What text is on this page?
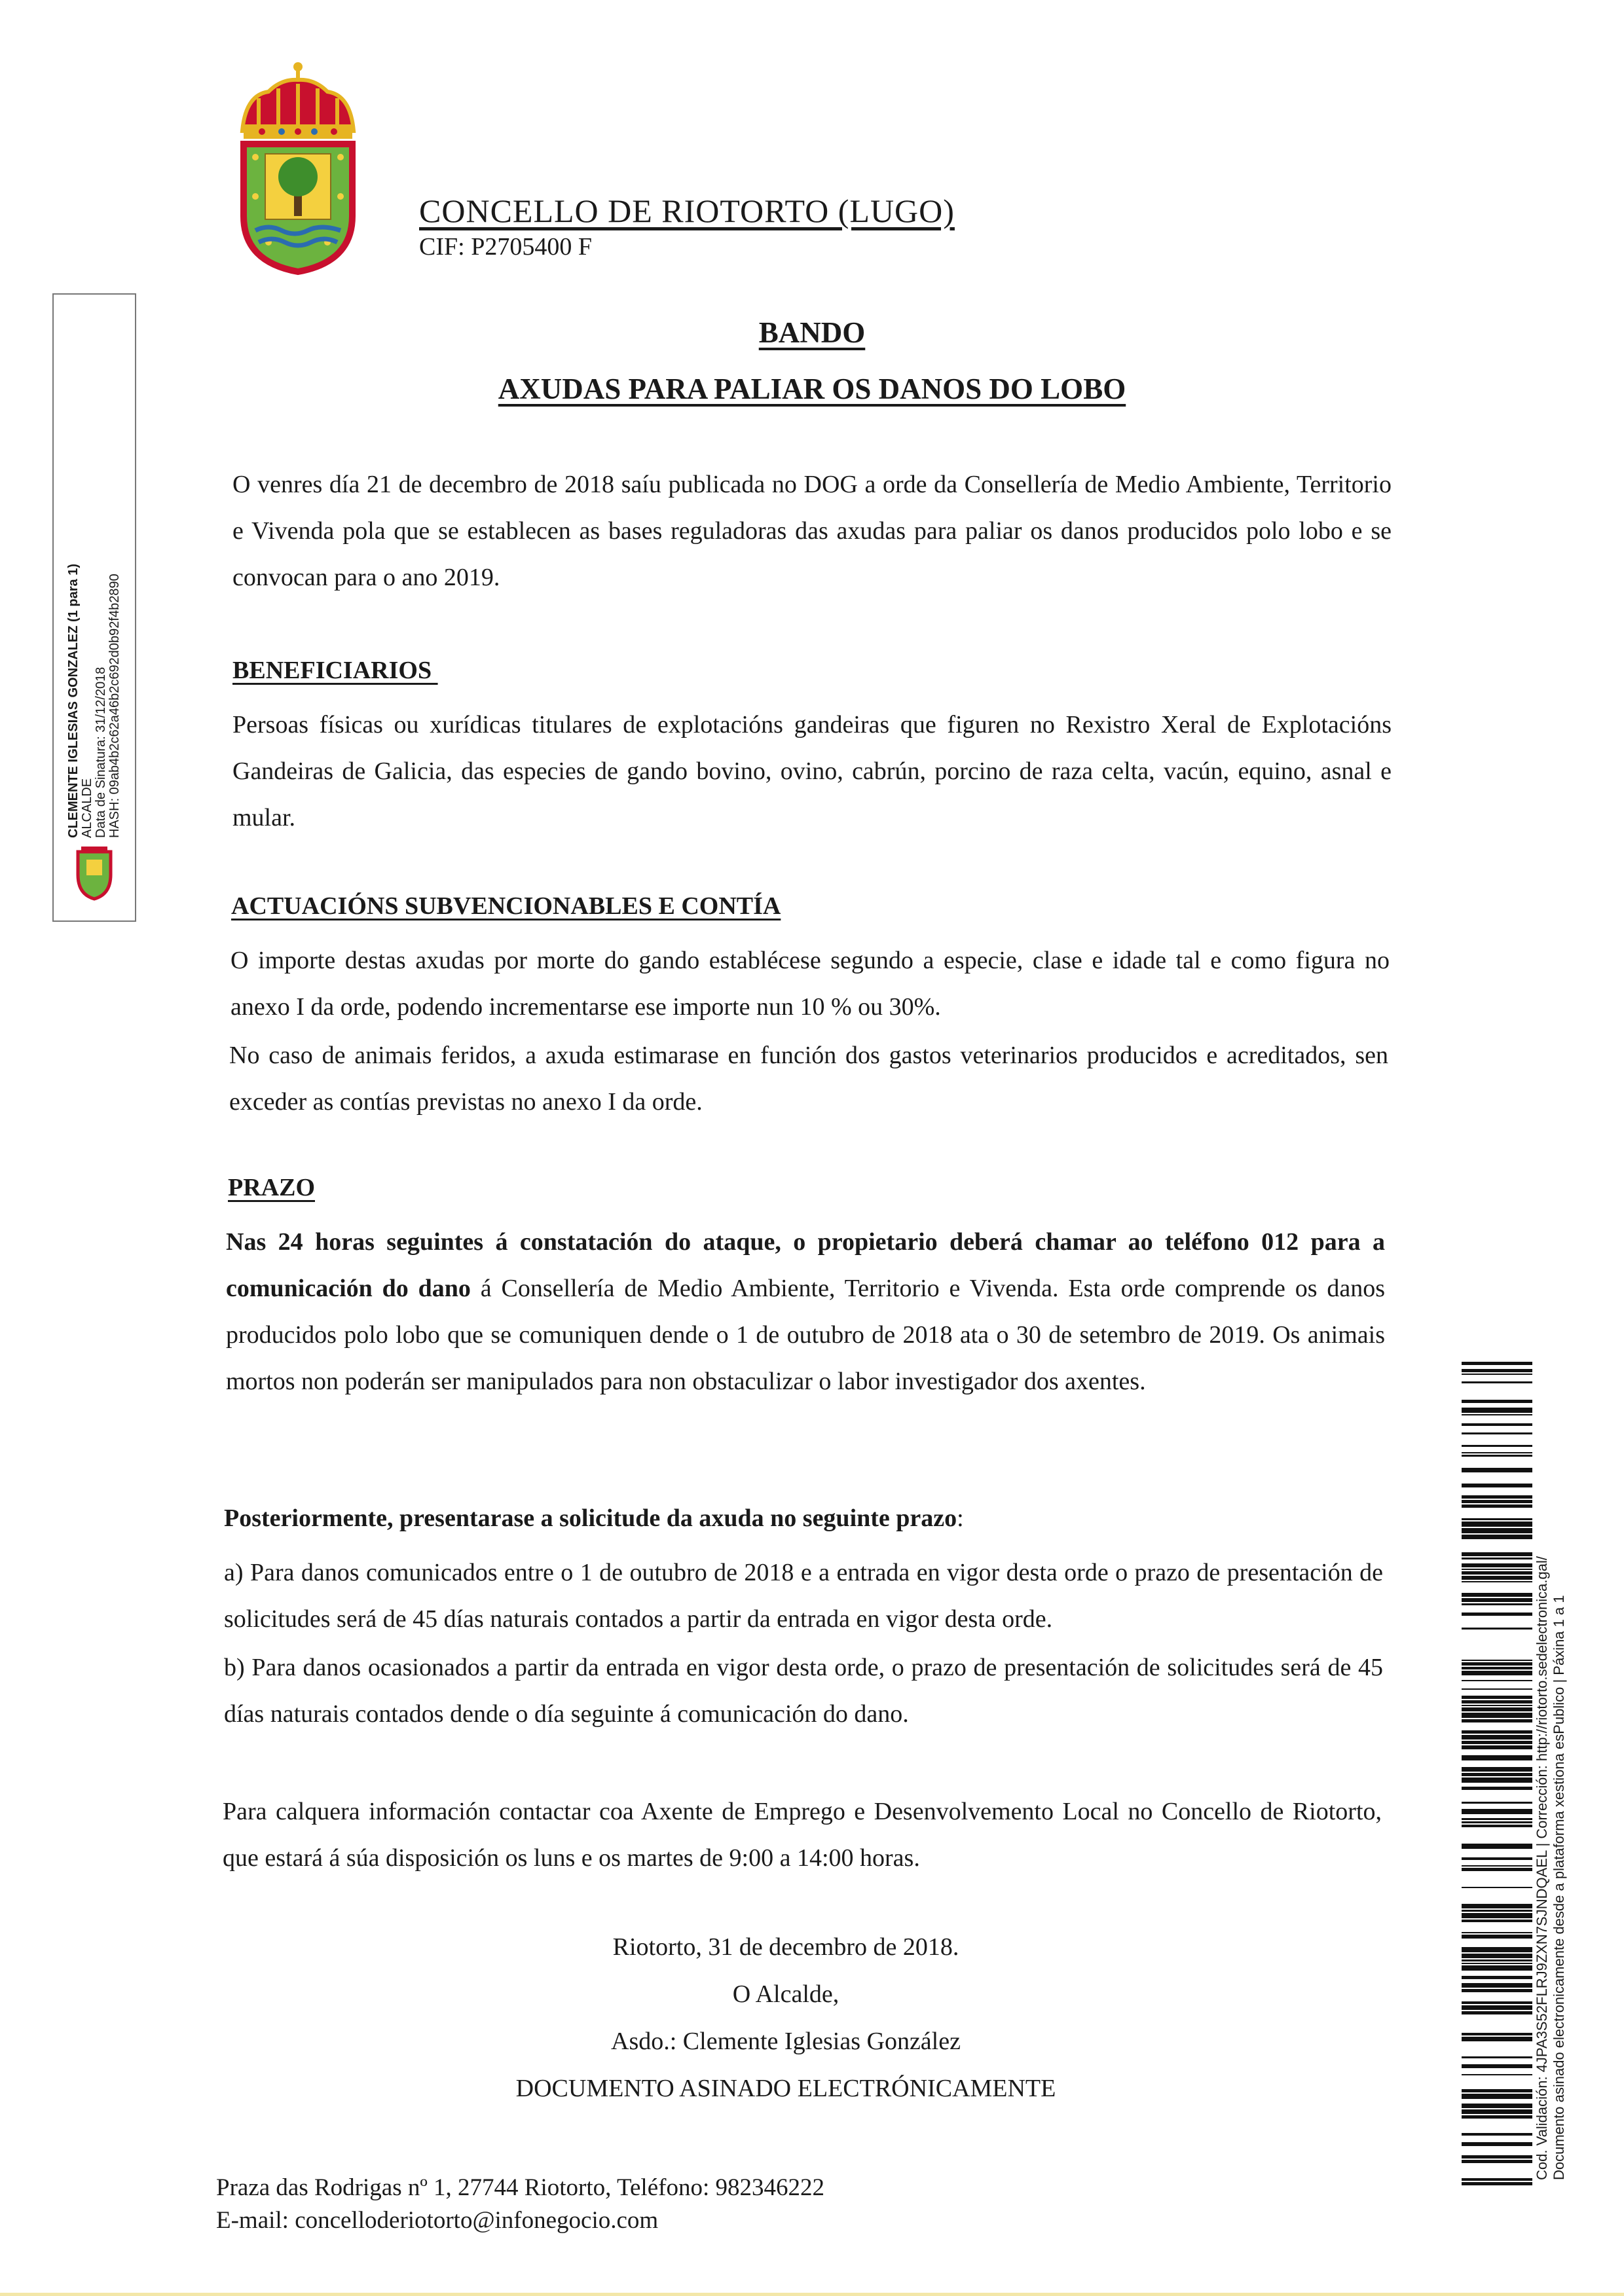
CONCELLO DE RIOTORTO (LUGO)
CIF: P2705400 F
BANDO
AXUDAS PARA PALIAR OS DANOS DO LOBO
O venres día 21 de decembro de 2018 saíu publicada no DOG a orde da Consellería de Medio Ambiente, Territorio e Vivenda pola que se establecen as bases reguladoras das axudas para paliar os danos producidos polo lobo e se convocan para o ano 2019.
BENEFICIARIOS
Persoas físicas ou xurídicas titulares de explotacións gandeiras que figuren no Rexistro Xeral de Explotacións Gandeiras de Galicia, das especies de gando bovino, ovino, cabrún, porcino de raza celta, vacún, equino, asnal e mular.
ACTUACIÓNS SUBVENCIONABLES E CONTÍA
O importe destas axudas por morte do gando establécese segundo a especie, clase e idade tal e como figura no anexo I da orde, podendo incrementarse ese importe nun 10 % ou 30%.
No caso de animais feridos, a axuda estimarase en función dos gastos veterinarios producidos e acreditados, sen exceder as contías previstas no anexo I da orde.
PRAZO
Nas 24 horas seguintes á constatación do ataque, o propietario deberá chamar ao teléfono 012 para a comunicación do dano á Consellería de Medio Ambiente, Territorio e Vivenda. Esta orde comprende os danos producidos polo lobo que se comuniquen dende o 1 de outubro de 2018 ata o 30 de setembro de 2019. Os animais mortos non poderán ser manipulados para non obstaculizar o labor investigador dos axentes.
Posteriormente, presentarase a solicitude da axuda no seguinte prazo:
a) Para danos comunicados entre o 1 de outubro de 2018 e a entrada en vigor desta orde o prazo de presentación de solicitudes será de 45 días naturais contados a partir da entrada en vigor desta orde.
b) Para danos ocasionados a partir da entrada en vigor desta orde, o prazo de presentación de solicitudes será de 45 días naturais contados dende o día seguinte á comunicación do dano.
Para calquera información contactar coa Axente de Emprego e Desenvolvemento Local no Concello de Riotorto, que estará á súa disposición os luns e os martes de 9:00 a 14:00 horas.
Riotorto, 31 de decembro de 2018.
O Alcalde,
Asdo.: Clemente Iglesias González
DOCUMENTO ASINADO ELECTRÓNICAMENTE
Praza das Rodrigas nº 1, 27744 Riotorto, Teléfono: 982346222
E-mail: concelloderiotorto@infonegocio.com
CLEMENTE IGLESIAS GONZALEZ (1 para 1) ALCALDE Data de Sinatura: 31/12/2018 HASH: 09ab4b2c62a46b2c692d0b92f4b2890
Cod. Validación: 4JPA3S52FLRJ9ZXN7SJNDQAEL | Corrección: http://riotorto.sedelectronica.gal/ Documento asinado electronicamente desde a plataforma xestiona esPublico | Páxina 1 a 1
